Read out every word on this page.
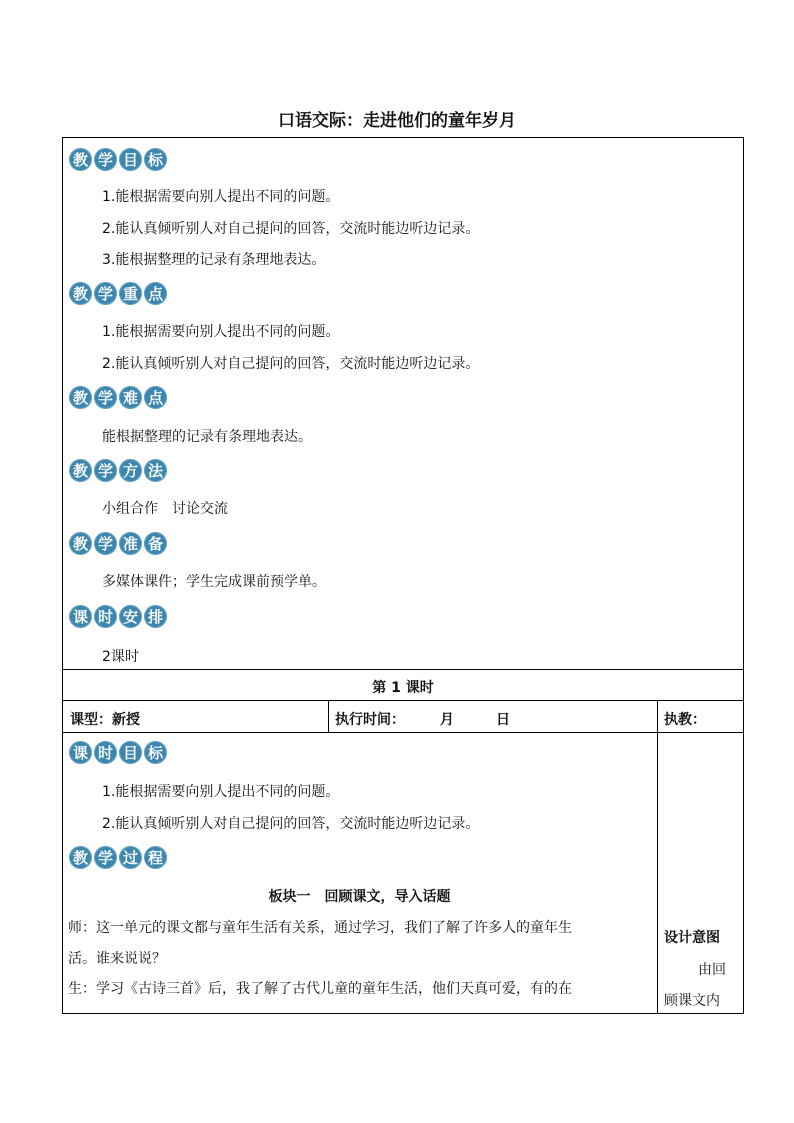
口语交际：走进他们的童年岁月
教 学 目 标
1.能根据需要向别人提出不同的问题。
2.能认真倾听别人对自己提问的回答，交流时能边听边记录。
3.能根据整理的记录有条理地表达。
教 学 重 点
1.能根据需要向别人提出不同的问题。
2.能认真倾听别人对自己提问的回答，交流时能边听边记录。
教 学 难 点
能根据整理的记录有条理地表达。
教 学 方 法
小组合作　讨论交流
教 学 准 备
多媒体课件；学生完成课前预学单。
课 时 安 排
2课时
第 1 课时
课型：新授	执行时间：　　　月　　　日	执教：
课 时 目 标
1.能根据需要向别人提出不同的问题。
2.能认真倾听别人对自己提问的回答，交流时能边听边记录。
教 学 过 程
板块一　回顾课文，导入话题
师：这一单元的课文都与童年生活有关系，通过学习，我们了解了许多人的童年生
活。谁来说说？
生：学习《古诗三首》后，我了解了古代儿童的童年生活，他们天真可爱，有的在
设计意图
由回
顾课文内
